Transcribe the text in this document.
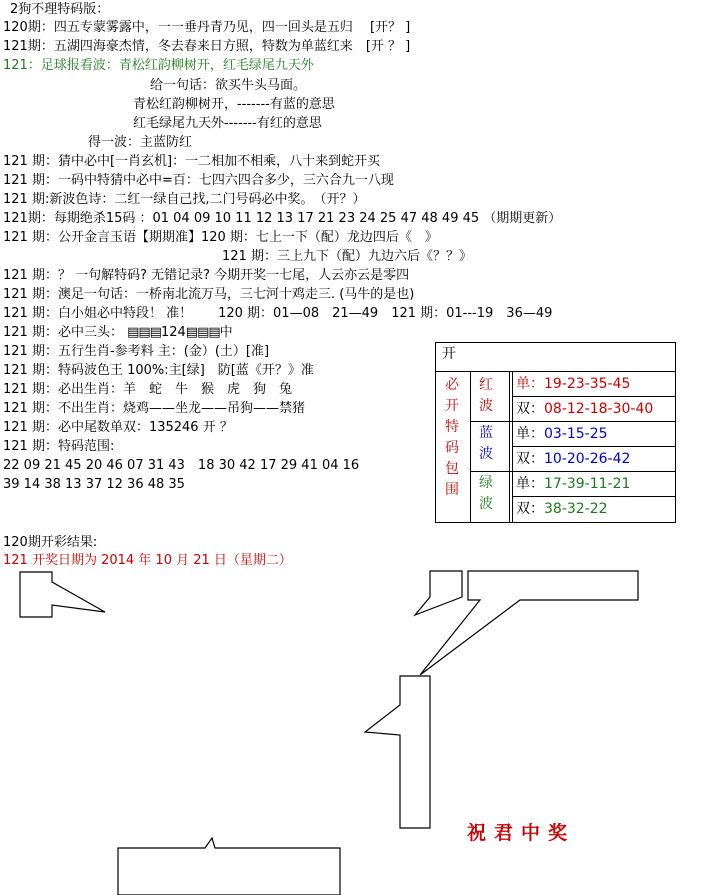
2狗不理特码版：
120期：四五专蒙雾露中，一一垂丹青乃见，四一回头是五归　 [开？ ]
121期：五湖四海豪杰情，冬去春来日方照，特数为单蓝红来　[开 ？ ]
121：足球报看波：青松红韵柳树开，红毛绿尾九天外
给一句话：欲买牛头马面。
青松红韵柳树开，-------有蓝的意思
红毛绿尾九天外-------有红的意思
得一波：主蓝防红
121 期：猜中必中[一肖玄机]：一二相加不相乘，八十来到蛇开买
121 期：一码中特猜中必中=百：七四六四合多少，三六合九一八现
121 期:新波色诗：二红一绿自己找,二门号码必中奖。　（开？）
121期：每期绝杀15码 ：01 04 09 10 11 12 13 17 21 23 24 25 47 48 49 45 （期期更新）
121 期：公开金言玉语【期期准】120 期：七上一下（配）龙边四后《　》
121 期：三上九下（配）九边六后《？？》
121 期：？ 一句解特码? 无错记录? 今期开奖一七尾，人云亦云是零四
121 期：澳足一句话：一桥南北流万马，三七河十鸡走三. (马牛的是也)
121 期：白小姐必中特段！ 准！　　120 期：01—08　21—49　121 期：01---19　36—49
121 期：必中三头： ▤▤▤124▤▤▤中
121 期：五行生肖-参考料 主：(金）(土）[准]
121 期：特码波色王 100%:主[绿]　防[蓝《开？》准
121 期：必出生肖：羊　蛇　牛　猴　虎　狗　兔
121 期：不出生肖：烧鸡——坐龙——吊狗——禁猪
121 期：必中尾数单双：135246 开 ？
121 期：特码范围:
22 09 21 45 20 46 07 31 43　18 30 42 17 29 41 04 16
39 14 38 13 37 12 36 48 35
120期开彩结果:
121 开奖日期为 2014 年 10 月 21 日（星期二）
开
必开特码包围
红波
蓝波
绿波
单：19-23-35-45
双：08-12-18-30-40
单：03-15-25
双：10-20-26-42
单：17-39-11-21
双：38-32-22
祝君中奖
